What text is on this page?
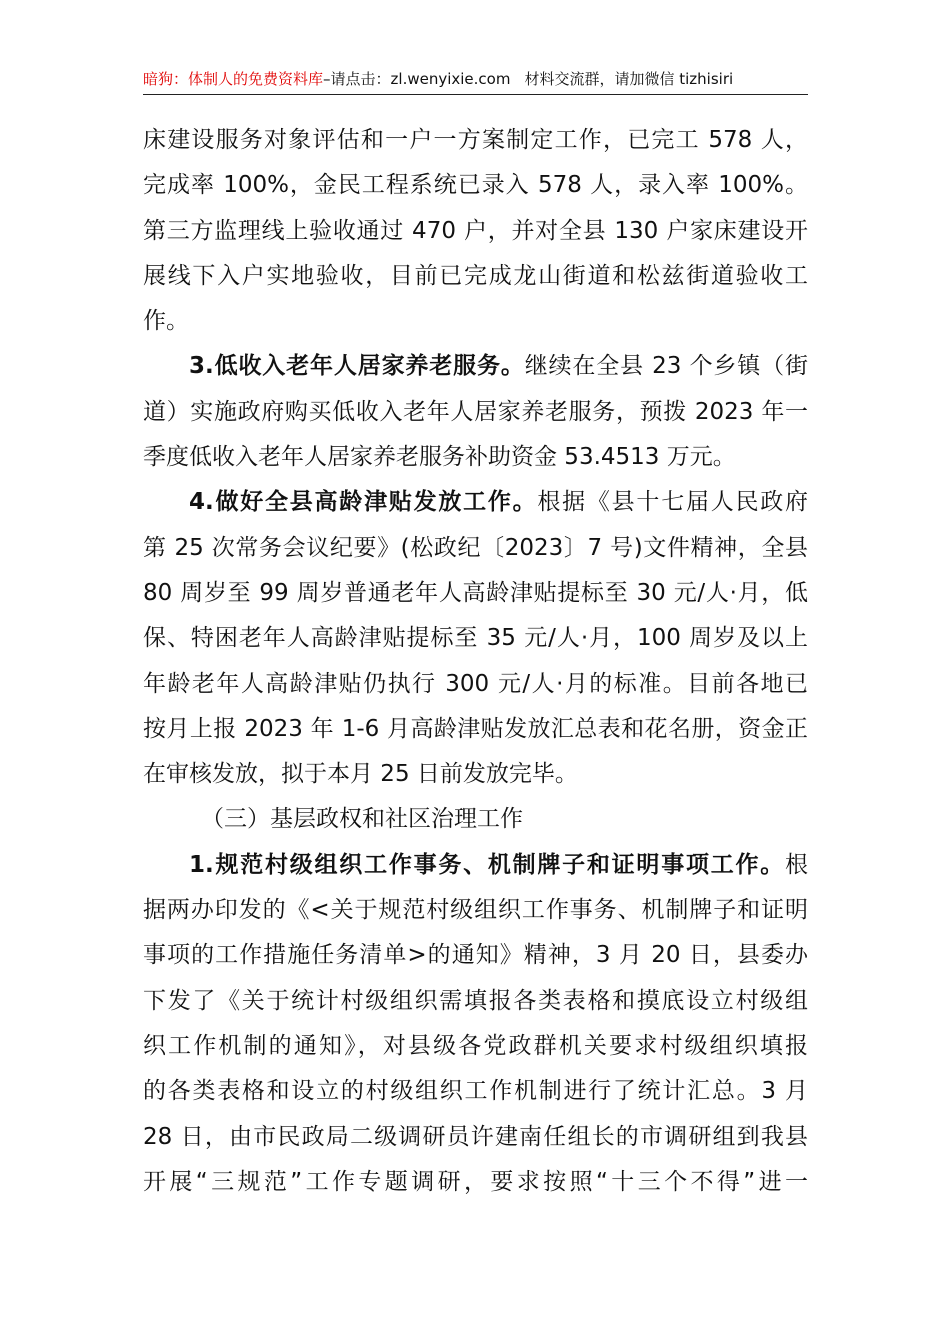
暗狗：体制人的免费资料库–请点击：zl.wenyixie.com 材料交流群，请加微信 tizhisiri
床建设服务对象评估和一户一方案制定工作，已完工 578 人，
完成率 100%，金民工程系统已录入 578 人，录入率 100%。
第三方监理线上验收通过 470 户，并对全县 130 户家床建设开
展线下入户实地验收，目前已完成龙山街道和松兹街道验收工
作。
3.低收入老年人居家养老服务。继续在全县 23 个乡镇（街
道）实施政府购买低收入老年人居家养老服务，预拨 2023 年一
季度低收入老年人居家养老服务补助资金 53.4513 万元。
4.做好全县高龄津贴发放工作。根据《县十七届人民政府
第 25 次常务会议纪要》(松政纪〔2023〕7 号)文件精神，全县
80 周岁至 99 周岁普通老年人高龄津贴提标至 30 元/人·月，低
保、特困老年人高龄津贴提标至 35 元/人·月，100 周岁及以上
年龄老年人高龄津贴仍执行 300 元/人·月的标准。目前各地已
按月上报 2023 年 1-6 月高龄津贴发放汇总表和花名册，资金正
在审核发放，拟于本月 25 日前发放完毕。
（三）基层政权和社区治理工作
1.规范村级组织工作事务、机制牌子和证明事项工作。根
据两办印发的《<关于规范村级组织工作事务、机制牌子和证明
事项的工作措施任务清单>的通知》精神，3 月 20 日，县委办
下发了《关于统计村级组织需填报各类表格和摸底设立村级组
织工作机制的通知》，对县级各党政群机关要求村级组织填报
的各类表格和设立的村级组织工作机制进行了统计汇总。3 月
28 日，由市民政局二级调研员许建南任组长的市调研组到我县
开展“三规范”工作专题调研，要求按照“十三个不得”进一
